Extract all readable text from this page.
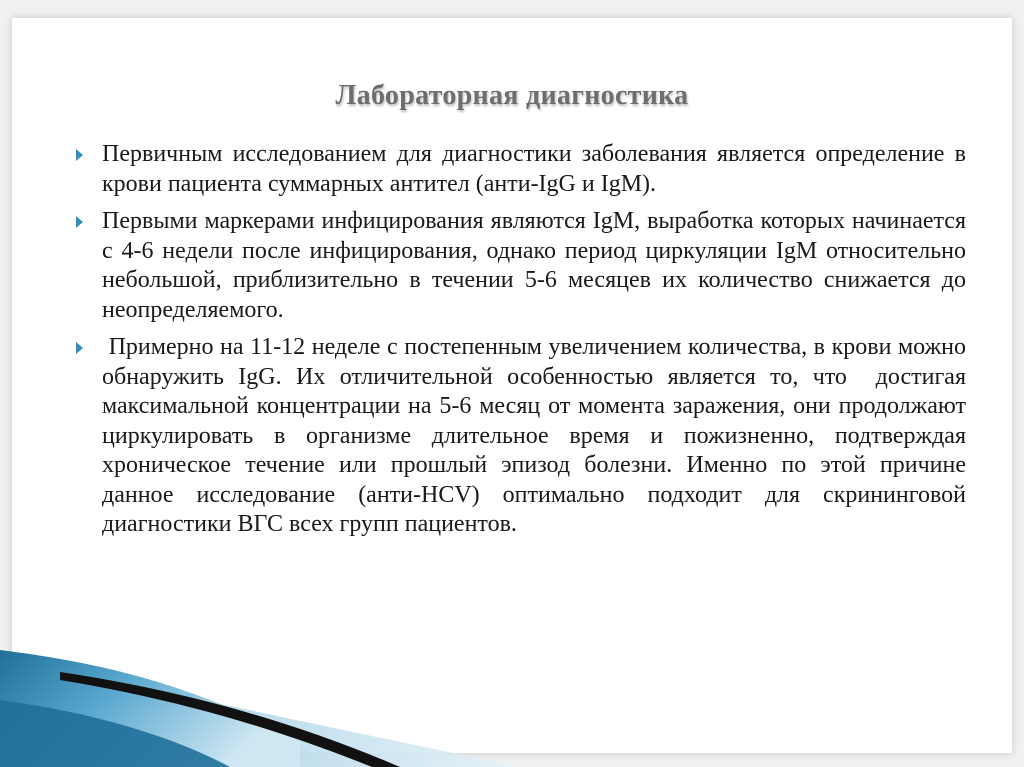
Лабораторная диагностика
Первичным исследованием для диагностики заболевания является определение в крови пациента суммарных антител (анти-IgG и IgM).
Первыми маркерами инфицирования являются IgM, выработка которых начинается с 4-6 недели после инфицирования, однако период циркуляции IgM относительно небольшой, приблизительно в течении 5-6 месяцев их количество снижается до неопределяемого.
Примерно на 11-12 неделе с постепенным увеличением количества, в крови можно обнаружить IgG. Их отличительной особенностью является то, что  достигая максимальной концентрации на 5-6 месяц от момента заражения, они продолжают циркулировать в организме длительное время и пожизненно, подтверждая хроническое течение или прошлый эпизод болезни. Именно по этой причине данное исследование (анти-HCV) оптимально подходит для скрининговой диагностики ВГС всех групп пациентов.
